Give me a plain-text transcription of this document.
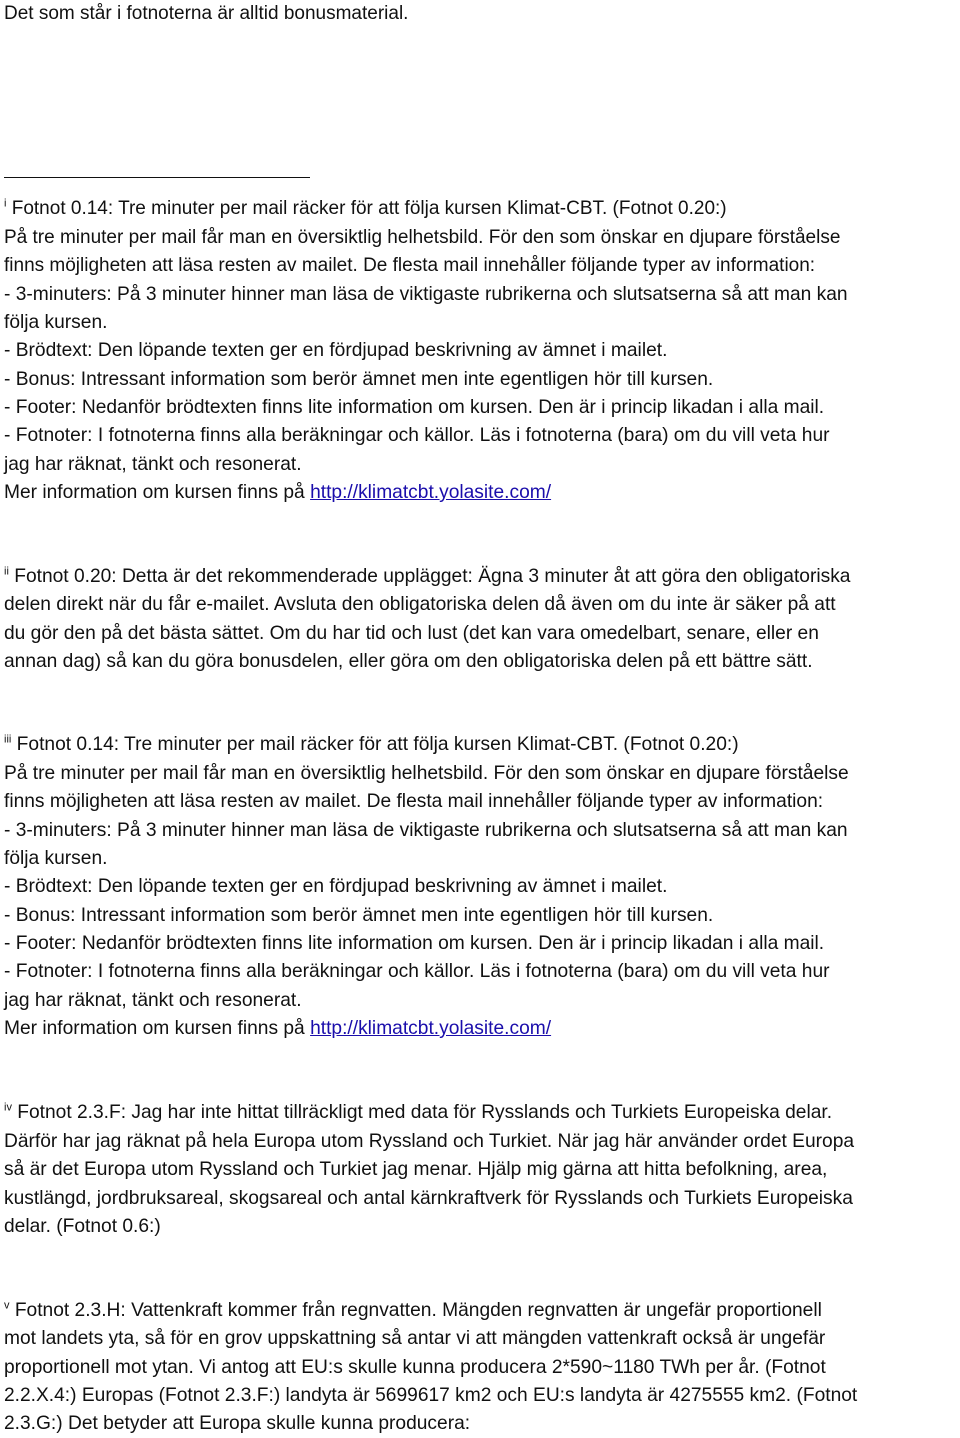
Det som står i fotnoterna är alltid bonusmaterial.
$^i$ Fotnot 0.14: Tre minuter per mail räcker för att följa kursen Klimat-CBT. (Fotnot 0.20:)
På tre minuter per mail får man en översiktlig helhetsbild. För den som önskar en djupare förståelse
finns möjligheten att läsa resten av mailet. De flesta mail innehåller följande typer av information:
- 3-minuters: På 3 minuter hinner man läsa de viktigaste rubrikerna och slutsatserna så att man kan
följa kursen.
- Brödtext: Den löpande texten ger en fördjupad beskrivning av ämnet i mailet.
- Bonus: Intressant information som berör ämnet men inte egentligen hör till kursen.
- Footer: Nedanför brödtexten finns lite information om kursen. Den är i princip likadan i alla mail.
- Fotnoter: I fotnoterna finns alla beräkningar och källor. Läs i fotnoterna (bara) om du vill veta hur
jag har räknat, tänkt och resonerat.
Mer information om kursen finns på http://klimatcbt.yolasite.com/
$^{ii}$ Fotnot 0.20: Detta är det rekommenderade upplägget: Ägna 3 minuter åt att göra den obligatoriska
delen direkt när du får e-mailet. Avsluta den obligatoriska delen då även om du inte är säker på att
du gör den på det bästa sättet. Om du har tid och lust (det kan vara omedelbart, senare, eller en
annan dag) så kan du göra bonusdelen, eller göra om den obligatoriska delen på ett bättre sätt.
$^{iii}$ Fotnot 0.14: Tre minuter per mail räcker för att följa kursen Klimat-CBT. (Fotnot 0.20:)
På tre minuter per mail får man en översiktlig helhetsbild. För den som önskar en djupare förståelse
finns möjligheten att läsa resten av mailet. De flesta mail innehåller följande typer av information:
- 3-minuters: På 3 minuter hinner man läsa de viktigaste rubrikerna och slutsatserna så att man kan
följa kursen.
- Brödtext: Den löpande texten ger en fördjupad beskrivning av ämnet i mailet.
- Bonus: Intressant information som berör ämnet men inte egentligen hör till kursen.
- Footer: Nedanför brödtexten finns lite information om kursen. Den är i princip likadan i alla mail.
- Fotnoter: I fotnoterna finns alla beräkningar och källor. Läs i fotnoterna (bara) om du vill veta hur
jag har räknat, tänkt och resonerat.
Mer information om kursen finns på http://klimatcbt.yolasite.com/
$^{iv}$ Fotnot 2.3.F: Jag har inte hittat tillräckligt med data för Rysslands och Turkiets Europeiska delar.
Därför har jag räknat på hela Europa utom Ryssland och Turkiet. När jag här använder ordet Europa
så är det Europa utom Ryssland och Turkiet jag menar. Hjälp mig gärna att hitta befolkning, area,
kustlängd, jordbruksareal, skogsareal och antal kärnkraftverk för Rysslands och Turkiets Europeiska
delar. (Fotnot 0.6:)
$^v$ Fotnot 2.3.H: Vattenkraft kommer från regnvatten. Mängden regnvatten är ungefär proportionell
mot landets yta, så för en grov uppskattning så antar vi att mängden vattenkraft också är ungefär
proportionell mot ytan. Vi antog att EU:s skulle kunna producera 2*590~1180 TWh per år. (Fotnot
2.2.X.4:) Europas (Fotnot 2.3.F:) landyta är 5699617 km2 och EU:s landyta är 4275555 km2. (Fotnot
2.3.G:) Det betyder att Europa skulle kunna producera:
